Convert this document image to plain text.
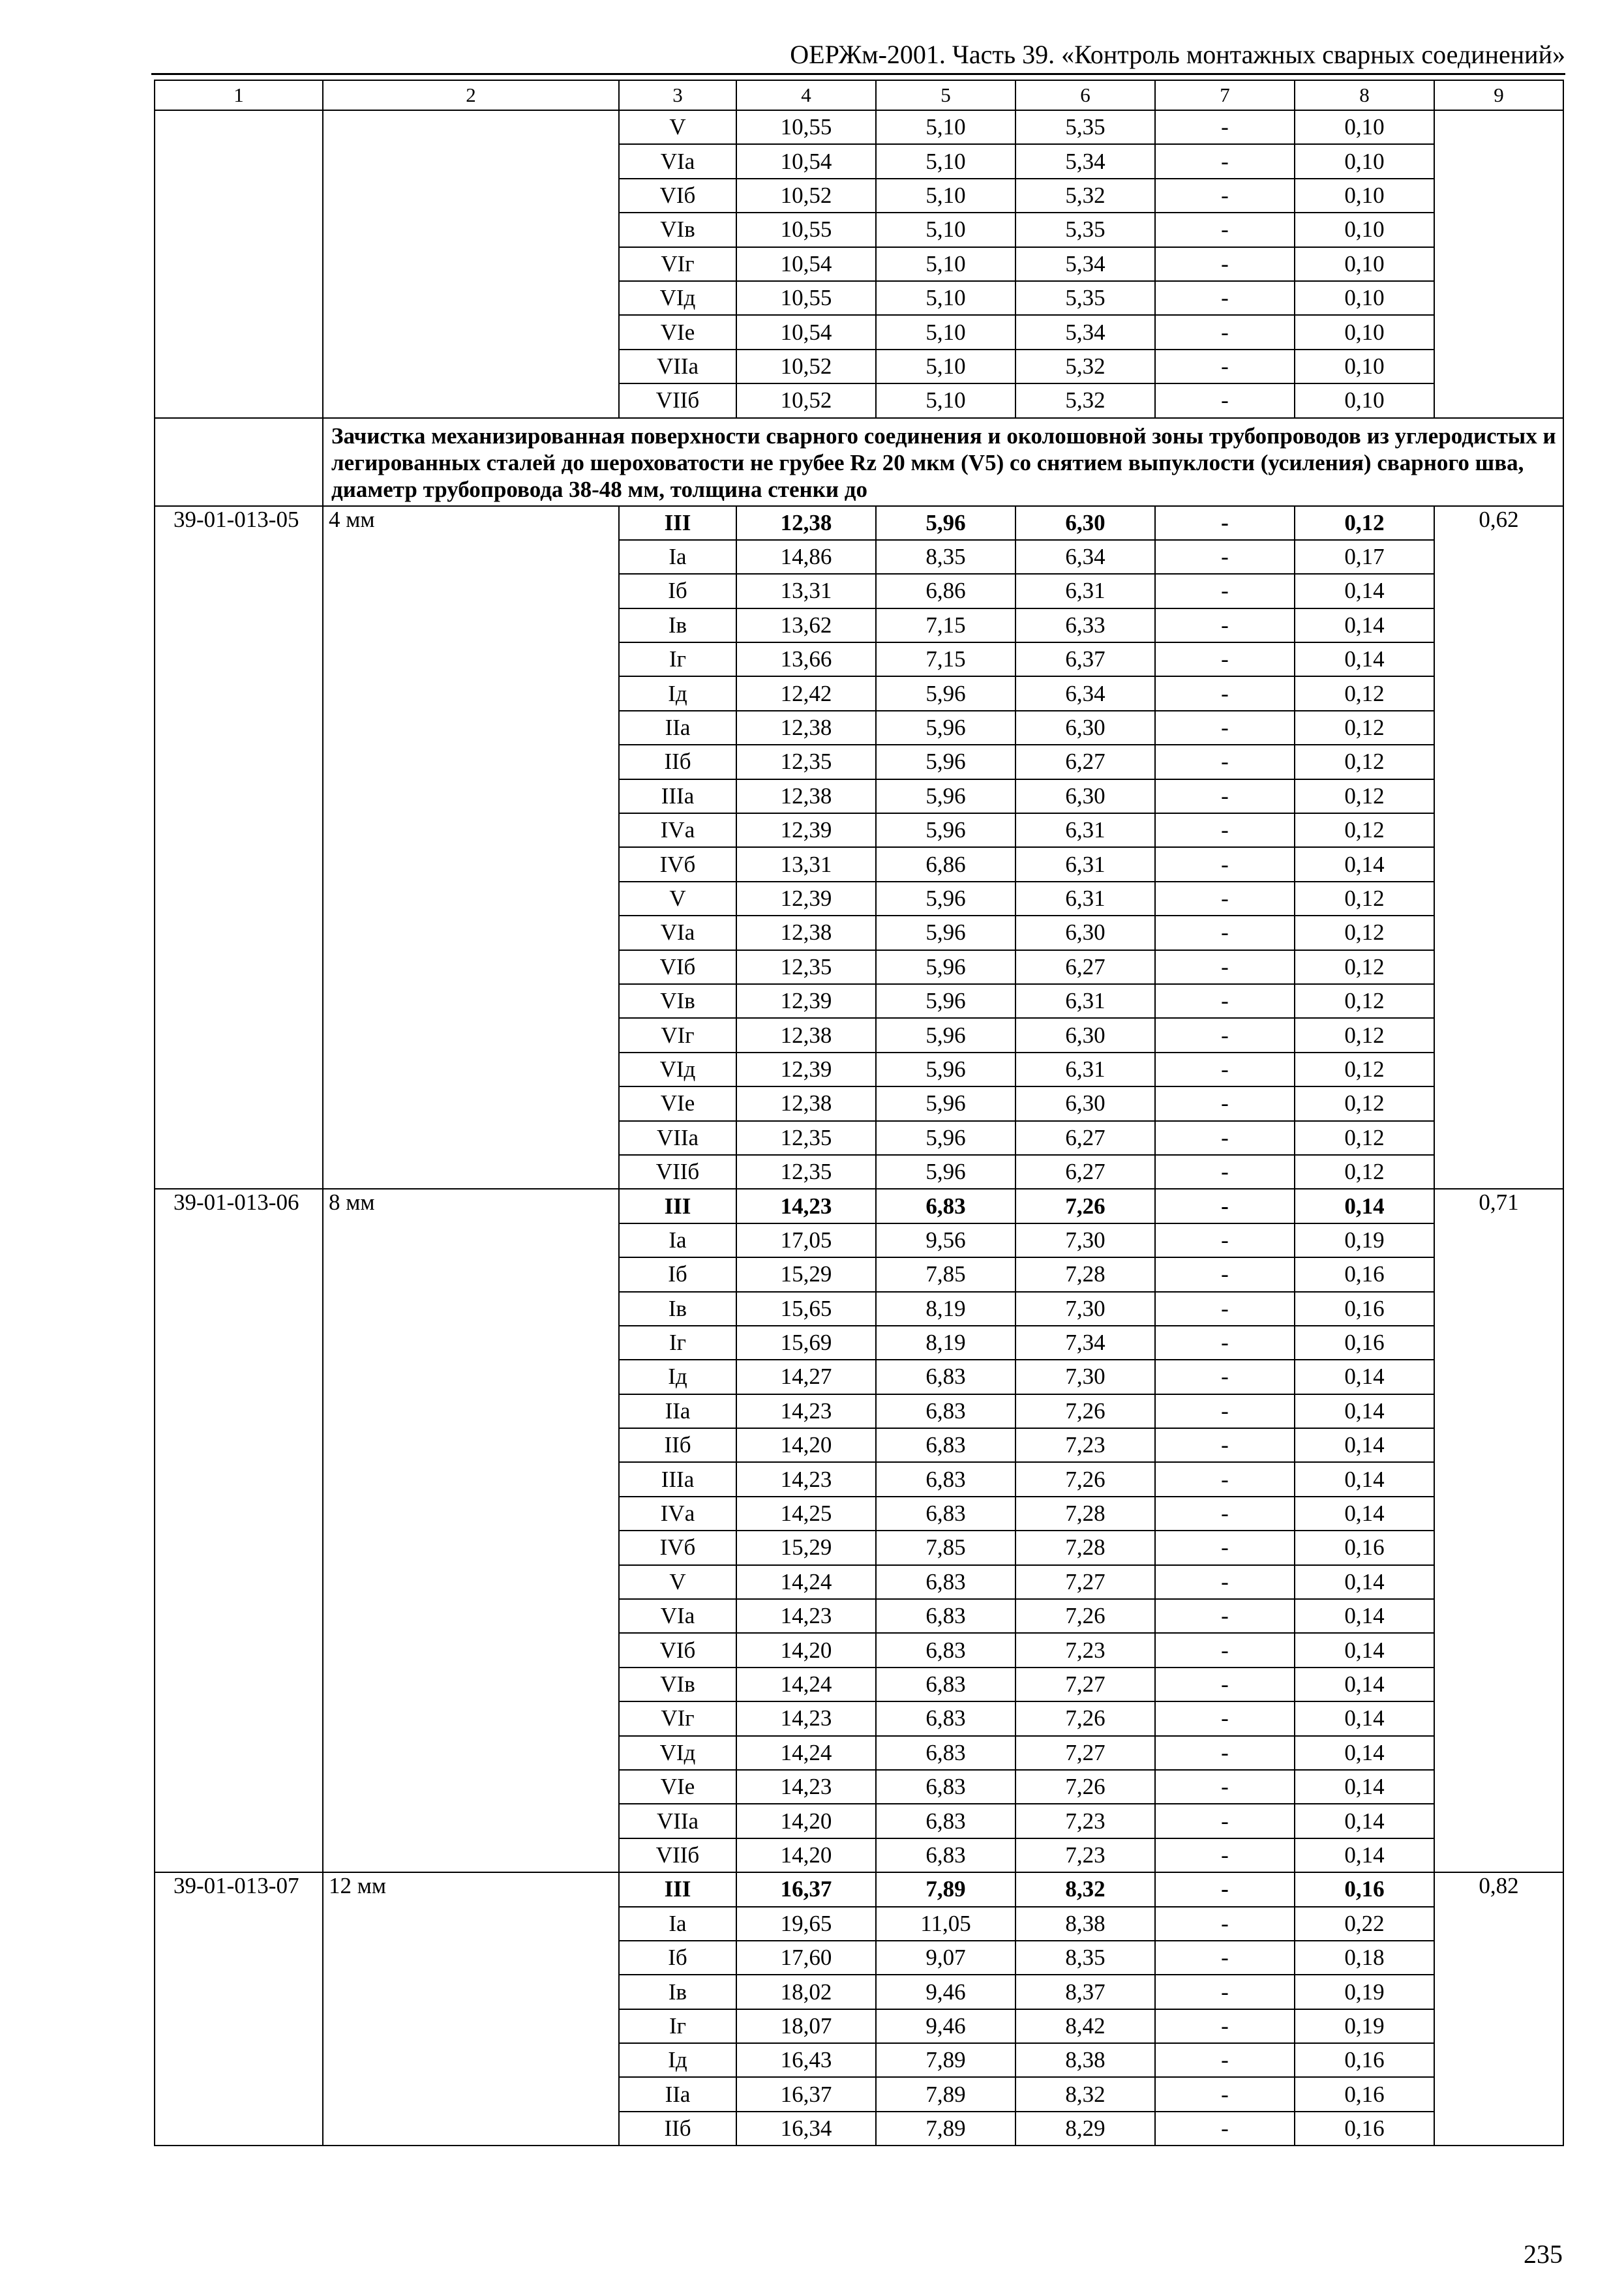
ОЕРЖм-2001. Часть 39. «Контроль монтажных сварных соединений»
1	2	3	4	5	6	7	8	9
		V	10,55	5,10	5,35	-	0,10	
		VIа	10,54	5,10	5,34	-	0,10	
		VIб	10,52	5,10	5,32	-	0,10	
		VIв	10,55	5,10	5,35	-	0,10	
		VIг	10,54	5,10	5,34	-	0,10	
		VIд	10,55	5,10	5,35	-	0,10	
		VIе	10,54	5,10	5,34	-	0,10	
		VIIа	10,52	5,10	5,32	-	0,10	
		VIIб	10,52	5,10	5,32	-	0,10	
	Зачистка механизированная поверхности сварного соединения и околошовной зоны трубопроводов из углеродистых и легированных сталей до шероховатости не грубее Rz 20 мкм (V5) со снятием выпуклости (усиления) сварного шва, диаметр трубопровода 38-48 мм, толщина стенки до							
39-01-013-05	4 мм	III	12,38	5,96	6,30	-	0,12	0,62
		Iа	14,86	8,35	6,34	-	0,17	
		Iб	13,31	6,86	6,31	-	0,14	
		Iв	13,62	7,15	6,33	-	0,14	
		Iг	13,66	7,15	6,37	-	0,14	
		Iд	12,42	5,96	6,34	-	0,12	
		IIа	12,38	5,96	6,30	-	0,12	
		IIб	12,35	5,96	6,27	-	0,12	
		IIIа	12,38	5,96	6,30	-	0,12	
		IVа	12,39	5,96	6,31	-	0,12	
		IVб	13,31	6,86	6,31	-	0,14	
		V	12,39	5,96	6,31	-	0,12	
		VIа	12,38	5,96	6,30	-	0,12	
		VIб	12,35	5,96	6,27	-	0,12	
		VIв	12,39	5,96	6,31	-	0,12	
		VIг	12,38	5,96	6,30	-	0,12	
		VIд	12,39	5,96	6,31	-	0,12	
		VIе	12,38	5,96	6,30	-	0,12	
		VIIа	12,35	5,96	6,27	-	0,12	
		VIIб	12,35	5,96	6,27	-	0,12	
39-01-013-06	8 мм	III	14,23	6,83	7,26	-	0,14	0,71
		Iа	17,05	9,56	7,30	-	0,19	
		Iб	15,29	7,85	7,28	-	0,16	
		Iв	15,65	8,19	7,30	-	0,16	
		Iг	15,69	8,19	7,34	-	0,16	
		Iд	14,27	6,83	7,30	-	0,14	
		IIа	14,23	6,83	7,26	-	0,14	
		IIб	14,20	6,83	7,23	-	0,14	
		IIIа	14,23	6,83	7,26	-	0,14	
		IVа	14,25	6,83	7,28	-	0,14	
		IVб	15,29	7,85	7,28	-	0,16	
		V	14,24	6,83	7,27	-	0,14	
		VIа	14,23	6,83	7,26	-	0,14	
		VIб	14,20	6,83	7,23	-	0,14	
		VIв	14,24	6,83	7,27	-	0,14	
		VIг	14,23	6,83	7,26	-	0,14	
		VIд	14,24	6,83	7,27	-	0,14	
		VIе	14,23	6,83	7,26	-	0,14	
		VIIа	14,20	6,83	7,23	-	0,14	
		VIIб	14,20	6,83	7,23	-	0,14	
39-01-013-07	12 мм	III	16,37	7,89	8,32	-	0,16	0,82
		Iа	19,65	11,05	8,38	-	0,22	
		Iб	17,60	9,07	8,35	-	0,18	
		Iв	18,02	9,46	8,37	-	0,19	
		Iг	18,07	9,46	8,42	-	0,19	
		Iд	16,43	7,89	8,38	-	0,16	
		IIа	16,37	7,89	8,32	-	0,16	
		IIб	16,34	7,89	8,29	-	0,16	
235
